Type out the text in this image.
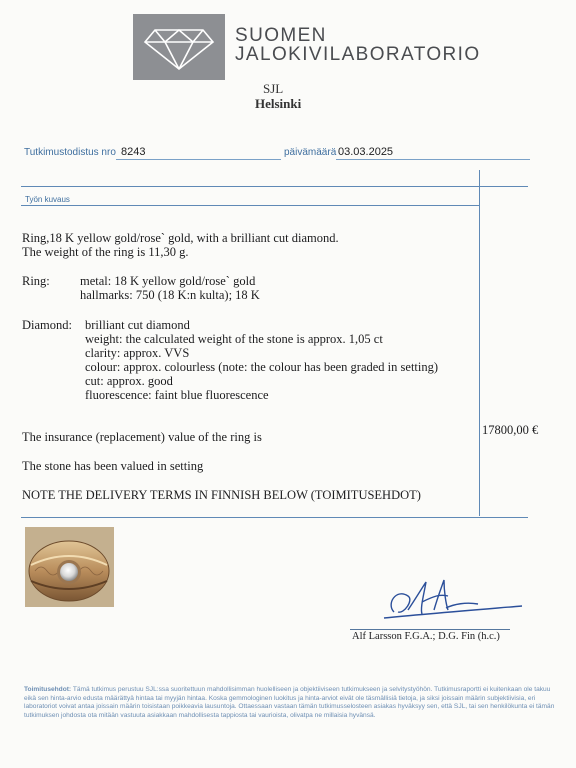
SUOMEN
JALOKIVILABORATORIO
SJL
Helsinki
Tutkimustodistus nro 8243	päivämäärä 03.03.2025
Työn kuvaus
Ring,18 K yellow gold/rose` gold, with a brilliant cut diamond.
The weight of the ring is 11,30 g.
Ring: metal: 18 K yellow gold/rose` gold
hallmarks: 750 (18 K:n kulta); 18 K
Diamond: brilliant cut diamond
weight: the calculated weight of the stone is approx. 1,05 ct
clarity: approx. VVS
colour: approx. colourless (note: the colour has been graded in setting)
cut: approx. good
fluorescence: faint blue fluorescence
The insurance (replacement) value of the ring is
The stone has been valued in setting
NOTE THE DELIVERY TERMS IN FINNISH BELOW (TOIMITUSEHDOT)
17800,00 €
Alf Larsson F.G.A.; D.G. Fin (h.c.)
Toimitusehdot: Tämä tutkimus perustuu SJL:ssa suoritettuun mahdollisimman huolelliseen ja objektiiviseen tutkimukseen ja selvitystyöhön. Tutkimusraportti ei kuitenkaan ole takuu eikä sen hinta-arvio edusta määrättyä hintaa tai myyjän hintaa. Koska gemmologinen luokitus ja hinta-arviot eivät ole täsmällisiä tietoja, ja siksi joissain määrin subjektiivisia, eri laboratoriot voivat antaa joissain määrin toisistaan poikkeavia lausuntoja. Ottaessaan vastaan tämän tutkimusselosteen asiakas hyväksyy sen, että SJL, tai sen henkilökunta ei tämän tutkimuksen johdosta ota mitään vastuuta asiakkaan mahdollisesta tappiosta tai vaurioista, olivatpa ne millaisia hyvänsä.
